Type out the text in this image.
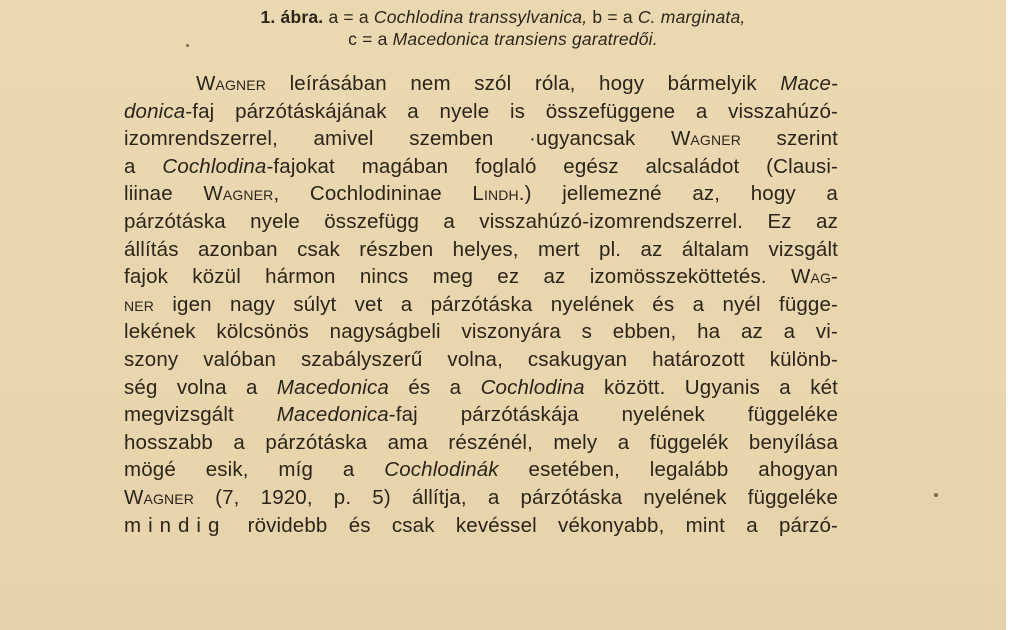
1. ábra. a = a Cochlodina transsylvanica, b = a C. marginata,
c = a Macedonica transiens garatredői.
Wagner leírásában nem szól róla, hogy bármelyik Mace-
donica-faj párzótáskájának a nyele is összefüggene a visszahúzó-
izomrendszerrel, amivel szemben ·ugyancsak Wagner szerint
a Cochlodina-fajokat magában foglaló egész alcsaládot (Clausi-
liinae Wagner, Cochlodininae Lindh.) jellemezné az, hogy a
párzótáska nyele összefügg a visszahúzó-izomrendszerrel. Ez az
állítás azonban csak részben helyes, mert pl. az általam vizsgált
fajok közül hármon nincs meg ez az izomösszeköttetés. Wag-
ner igen nagy súlyt vet a párzótáska nyelének és a nyél függe-
lekének kölcsönös nagyságbeli viszonyára s ebben, ha az a vi-
szony valóban szabályszerű volna, csakugyan határozott különb-
ség volna a Macedonica és a Cochlodina között. Ugyanis a két
megvizsgált Macedonica-faj párzótáskája nyelének függeléke
hosszabb a párzótáska ama részénél, mely a függelék benyílása
mögé esik, míg a Cochlodinák esetében, legalább ahogyan
Wagner (7, 1920, p. 5) állítja, a párzótáska nyelének függeléke
mindig rövidebb és csak kevéssel vékonyabb, mint a párzó-
